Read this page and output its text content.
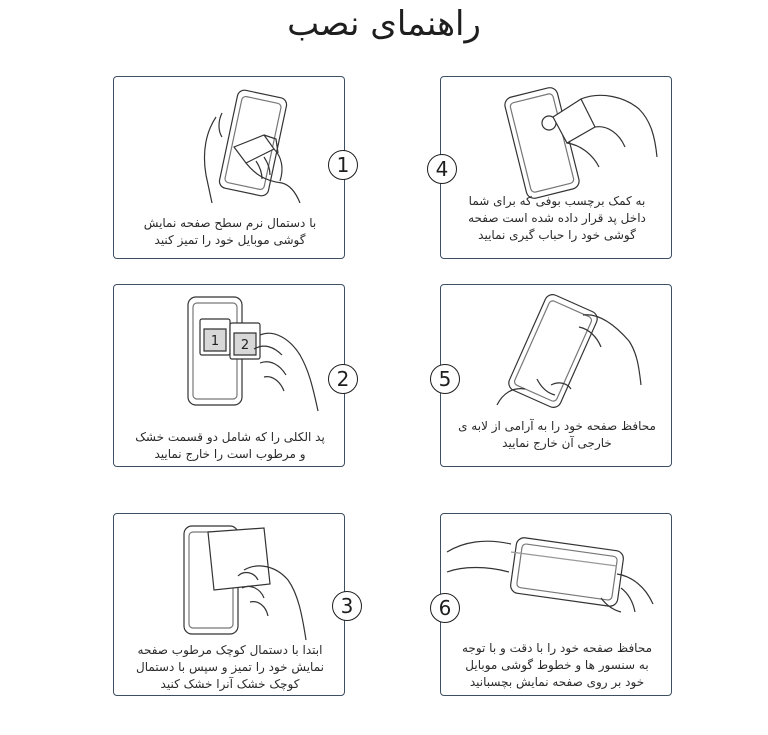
راهنمای نصب
1
با دستمال نرم سطح صفحه نمایش
گوشی موبایل خود را تمیز کنید
1 2
2
پد الکلی را که شامل دو قسمت خشک
و مرطوب است را خارج نمایید
3
ابتدا با دستمال کوچک مرطوب صفحه
نمایش خود را تمیز و سپس با دستمال
کوچک خشک آنرا خشک کنید
4
به کمک برچسب بوفی که برای شما
داخل پد قرار داده شده است صفحه
گوشی خود را حباب گیری نمایید
5
محافظ صفحه خود را به آرامی از لابه ی
خارجی آن خارج نمایید
6
محافظ صفحه خود را با دقت و با توجه
به سنسور ها و خطوط گوشی موبایل
خود بر روی صفحه نمایش بچسبانید
